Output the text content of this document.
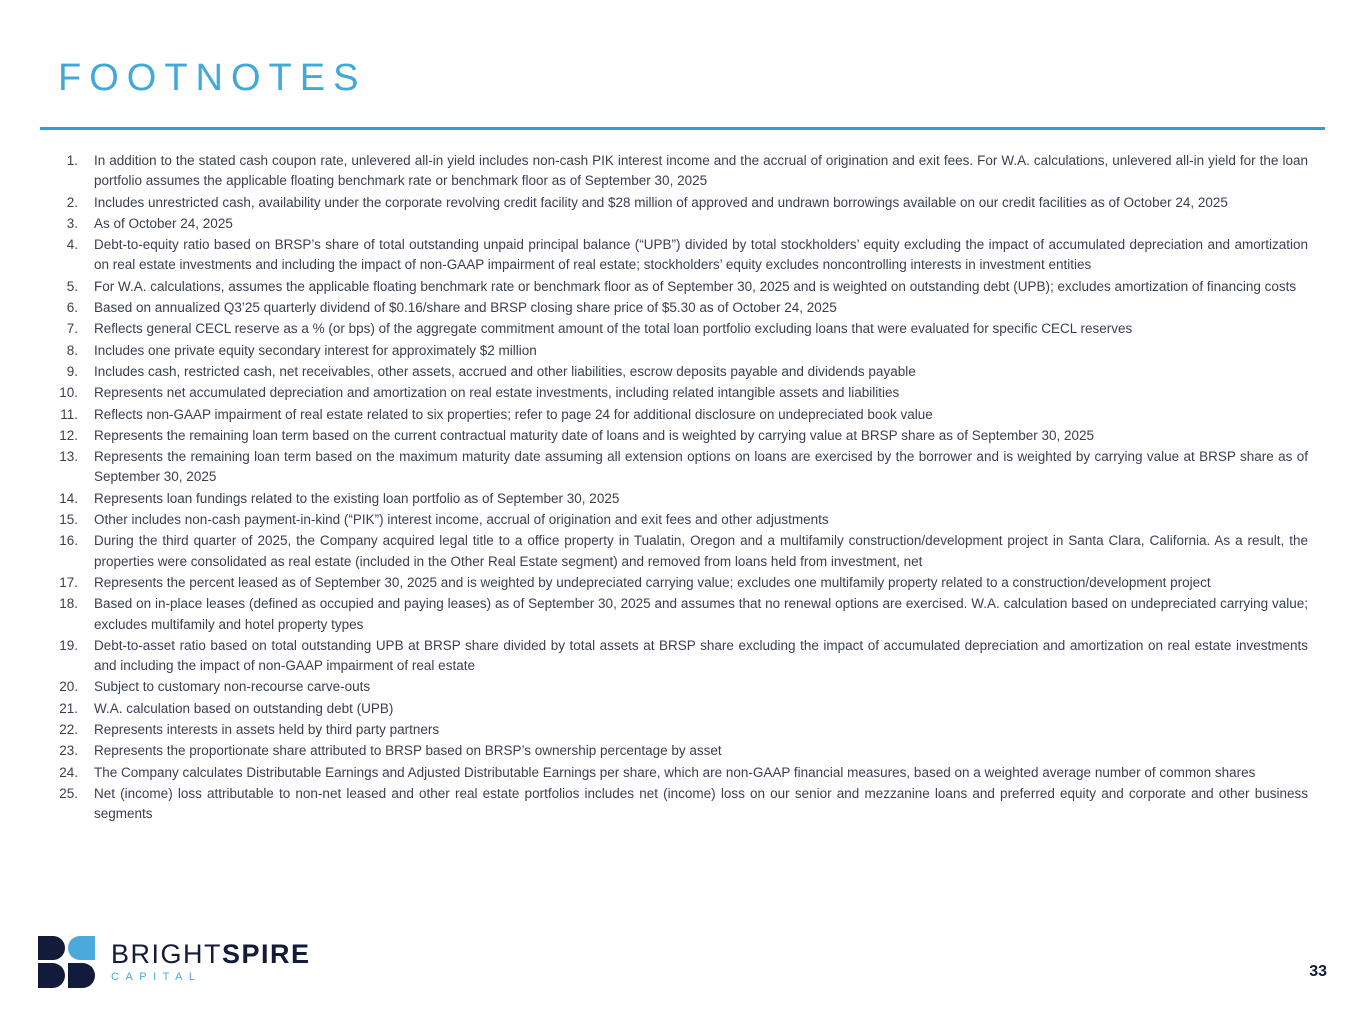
FOOTNOTES
1. In addition to the stated cash coupon rate, unlevered all-in yield includes non-cash PIK interest income and the accrual of origination and exit fees. For W.A. calculations, unlevered all-in yield for the loan portfolio assumes the applicable floating benchmark rate or benchmark floor as of September 30, 2025
2. Includes unrestricted cash, availability under the corporate revolving credit facility and $28 million of approved and undrawn borrowings available on our credit facilities as of October 24, 2025
3. As of October 24, 2025
4. Debt-to-equity ratio based on BRSP’s share of total outstanding unpaid principal balance (“UPB”) divided by total stockholders’ equity excluding the impact of accumulated depreciation and amortization on real estate investments and including the impact of non-GAAP impairment of real estate; stockholders’ equity excludes noncontrolling interests in investment entities
5. For W.A. calculations, assumes the applicable floating benchmark rate or benchmark floor as of September 30, 2025 and is weighted on outstanding debt (UPB); excludes amortization of financing costs
6. Based on annualized Q3’25 quarterly dividend of $0.16/share and BRSP closing share price of $5.30 as of October 24, 2025
7. Reflects general CECL reserve as a % (or bps) of the aggregate commitment amount of the total loan portfolio excluding loans that were evaluated for specific CECL reserves
8. Includes one private equity secondary interest for approximately $2 million
9. Includes cash, restricted cash, net receivables, other assets, accrued and other liabilities, escrow deposits payable and dividends payable
10. Represents net accumulated depreciation and amortization on real estate investments, including related intangible assets and liabilities
11. Reflects non-GAAP impairment of real estate related to six properties; refer to page 24 for additional disclosure on undepreciated book value
12. Represents the remaining loan term based on the current contractual maturity date of loans and is weighted by carrying value at BRSP share as of September 30, 2025
13. Represents the remaining loan term based on the maximum maturity date assuming all extension options on loans are exercised by the borrower and is weighted by carrying value at BRSP share as of September 30, 2025
14. Represents loan fundings related to the existing loan portfolio as of September 30, 2025
15. Other includes non-cash payment-in-kind (“PIK”) interest income, accrual of origination and exit fees and other adjustments
16. During the third quarter of 2025, the Company acquired legal title to a office property in Tualatin, Oregon and a multifamily construction/development project in Santa Clara, California. As a result, the properties were consolidated as real estate (included in the Other Real Estate segment) and removed from loans held from investment, net
17. Represents the percent leased as of September 30, 2025 and is weighted by undepreciated carrying value; excludes one multifamily property related to a construction/development project
18. Based on in-place leases (defined as occupied and paying leases) as of September 30, 2025 and assumes that no renewal options are exercised. W.A. calculation based on undepreciated carrying value; excludes multifamily and hotel property types
19. Debt-to-asset ratio based on total outstanding UPB at BRSP share divided by total assets at BRSP share excluding the impact of accumulated depreciation and amortization on real estate investments and including the impact of non-GAAP impairment of real estate
20. Subject to customary non-recourse carve-outs
21. W.A. calculation based on outstanding debt (UPB)
22. Represents interests in assets held by third party partners
23. Represents the proportionate share attributed to BRSP based on BRSP’s ownership percentage by asset
24. The Company calculates Distributable Earnings and Adjusted Distributable Earnings per share, which are non-GAAP financial measures, based on a weighted average number of common shares
25. Net (income) loss attributable to non-net leased and other real estate portfolios includes net (income) loss on our senior and mezzanine loans and preferred equity and corporate and other business segments
BRIGHTSPIRE
CAPITAL	33
